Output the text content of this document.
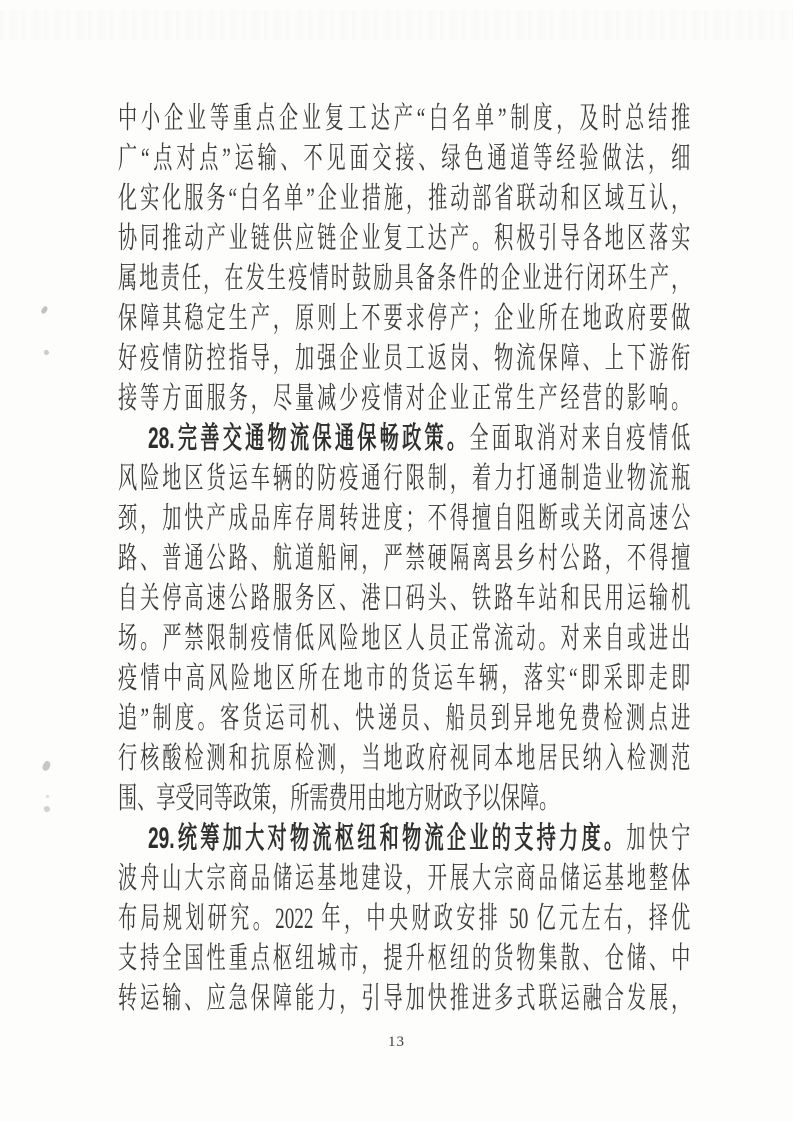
中小企业等重点企业复工达产“白名单”制度，及时总结推
广“点对点”运输、不见面交接、绿色通道等经验做法，细
化实化服务“白名单”企业措施，推动部省联动和区域互认，
协同推动产业链供应链企业复工达产。积极引导各地区落实
属地责任，在发生疫情时鼓励具备条件的企业进行闭环生产，
保障其稳定生产，原则上不要求停产；企业所在地政府要做
好疫情防控指导，加强企业员工返岗、物流保障、上下游衔
接等方面服务，尽量减少疫情对企业正常生产经营的影响。
28.完善交通物流保通保畅政策。全面取消对来自疫情低
风险地区货运车辆的防疫通行限制，着力打通制造业物流瓶
颈，加快产成品库存周转进度；不得擅自阻断或关闭高速公
路、普通公路、航道船闸，严禁硬隔离县乡村公路，不得擅
自关停高速公路服务区、港口码头、铁路车站和民用运输机
场。严禁限制疫情低风险地区人员正常流动。对来自或进出
疫情中高风险地区所在地市的货运车辆，落实“即采即走即
追”制度。客货运司机、快递员、船员到异地免费检测点进
行核酸检测和抗原检测，当地政府视同本地居民纳入检测范
围、享受同等政策，所需费用由地方财政予以保障。
29.统筹加大对物流枢纽和物流企业的支持力度。加快宁
波舟山大宗商品储运基地建设，开展大宗商品储运基地整体
布局规划研究。2022 年，中央财政安排 50 亿元左右，择优
支持全国性重点枢纽城市，提升枢纽的货物集散、仓储、中
转运输、应急保障能力，引导加快推进多式联运融合发展，
13
